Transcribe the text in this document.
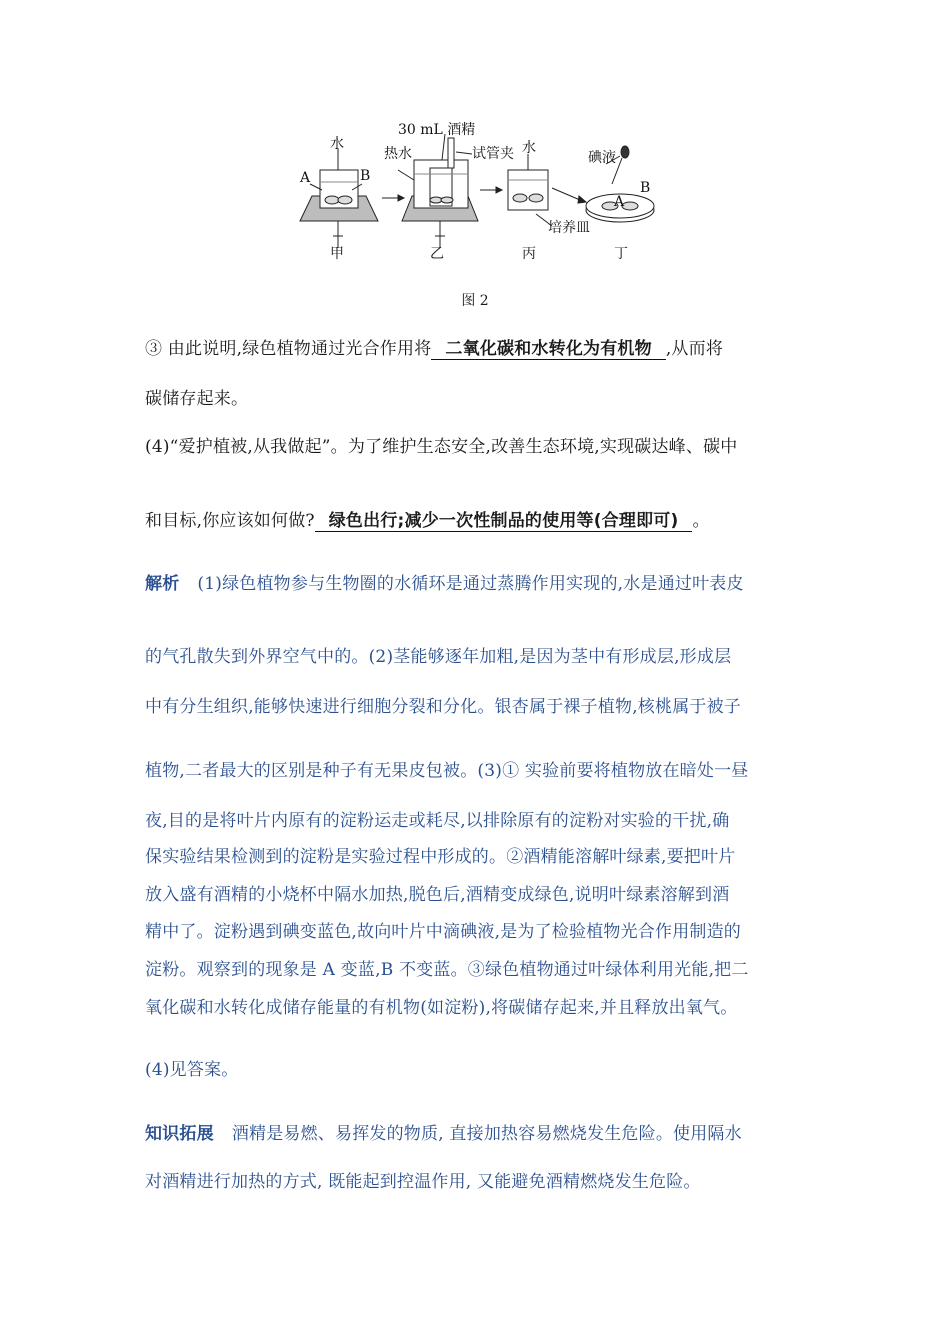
水
A	B
30 mL 酒精
热水	试管夹 水
碘液
B
A
培养皿
甲	乙	丙	丁
图 2
③ 由此说明,绿色植物通过光合作用将 二氧化碳和水转化为有机物 ,从而将
碳储存起来。
(4)“爱护植被,从我做起”。为了维护生态安全,改善生态环境,实现碳达峰、碳中
和目标,你应该如何做? 绿色出行;减少一次性制品的使用等(合理即可) 。
解析 (1)绿色植物参与生物圈的水循环是通过蒸腾作用实现的,水是通过叶表皮
的气孔散失到外界空气中的。(2)茎能够逐年加粗,是因为茎中有形成层,形成层
中有分生组织,能够快速进行细胞分裂和分化。银杏属于裸子植物,核桃属于被子
植物,二者最大的区别是种子有无果皮包被。(3)① 实验前要将植物放在暗处一昼
夜,目的是将叶片内原有的淀粉运走或耗尽,以排除原有的淀粉对实验的干扰,确
保实验结果检测到的淀粉是实验过程中形成的。②酒精能溶解叶绿素,要把叶片
放入盛有酒精的小烧杯中隔水加热,脱色后,酒精变成绿色,说明叶绿素溶解到酒
精中了。淀粉遇到碘变蓝色,故向叶片中滴碘液,是为了检验植物光合作用制造的
淀粉。观察到的现象是 A 变蓝,B 不变蓝。③绿色植物通过叶绿体利用光能,把二
氧化碳和水转化成储存能量的有机物(如淀粉),将碳储存起来,并且释放出氧气。
(4)见答案。
知识拓展 酒精是易燃、易挥发的物质, 直接加热容易燃烧发生危险。使用隔水
对酒精进行加热的方式, 既能起到控温作用, 又能避免酒精燃烧发生危险。
